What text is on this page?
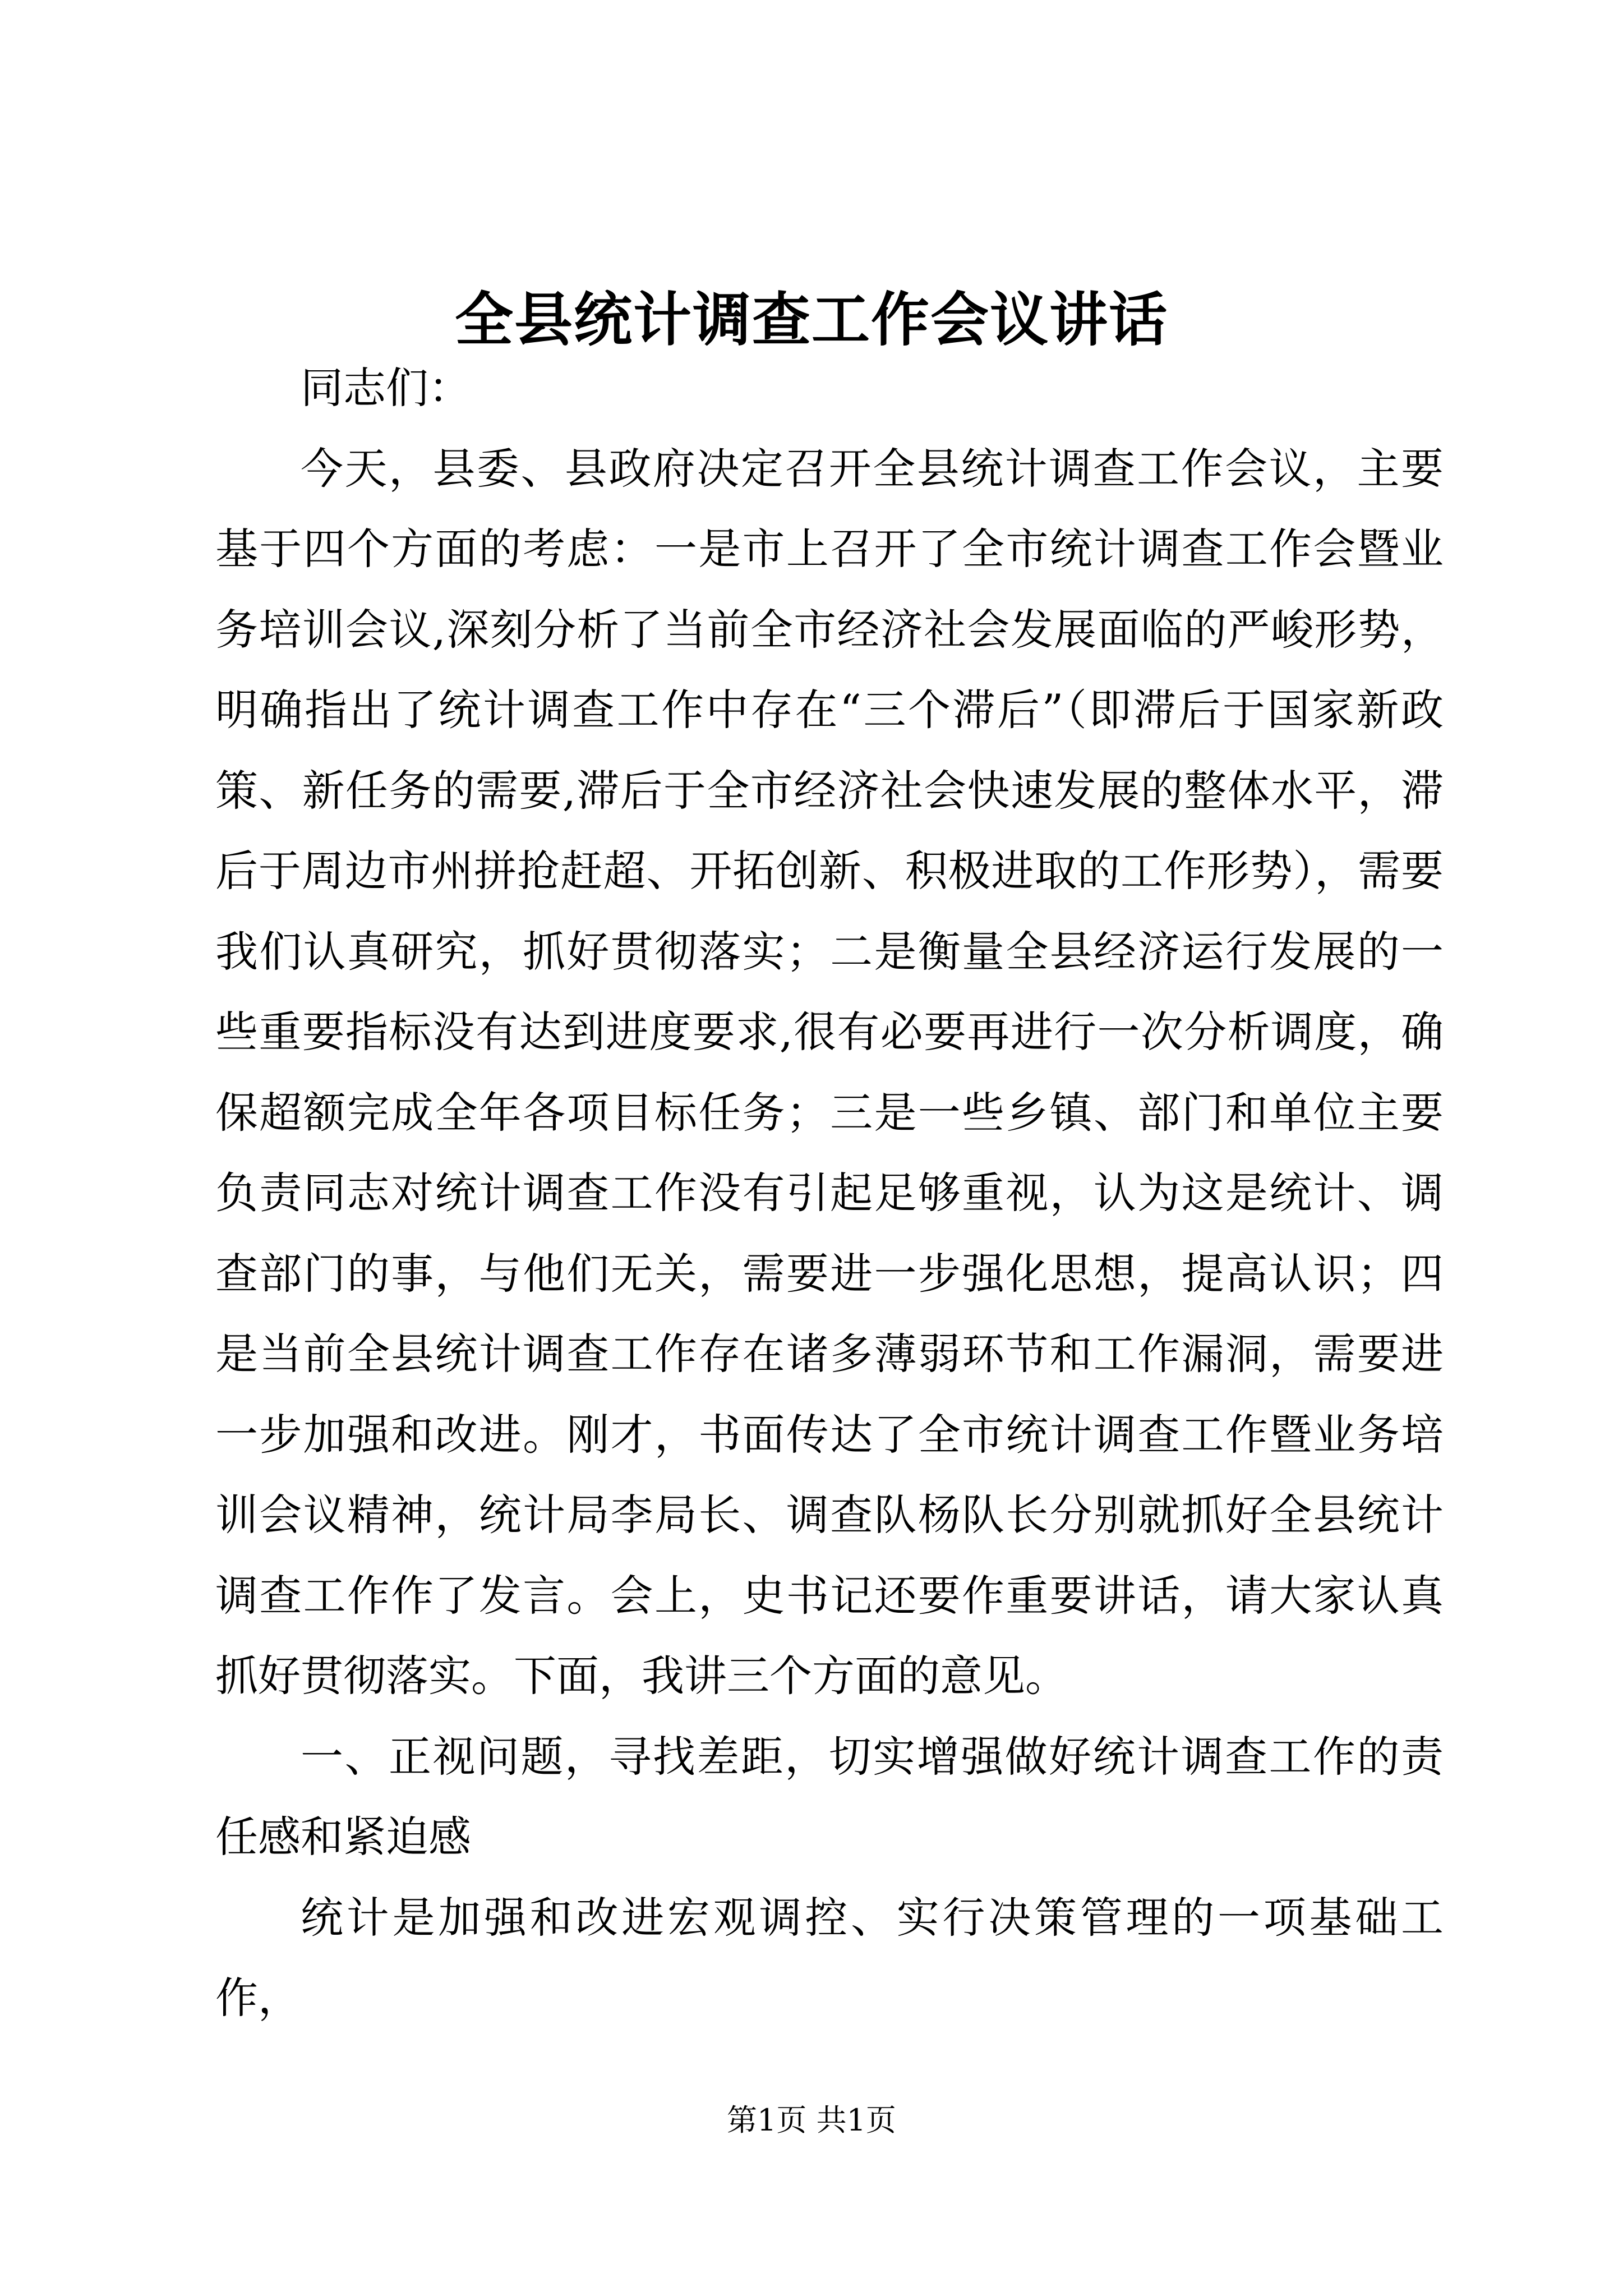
全县统计调查工作会议讲话

同志们：

今天，县委、县政府决定召开全县统计调查工作会议，主要基于四个方面的考虑：一是市上召开了全市统计调查工作会暨业务培训会议,深刻分析了当前全市经济社会发展面临的严峻形势，明确指出了统计调查工作中存在“三个滞后”（即滞后于国家新政策、新任务的需要,滞后于全市经济社会快速发展的整体水平，滞后于周边市州拼抢赶超、开拓创新、积极进取的工作形势），需要我们认真研究，抓好贯彻落实；二是衡量全县经济运行发展的一些重要指标没有达到进度要求,很有必要再进行一次分析调度，确保超额完成全年各项目标任务；三是一些乡镇、部门和单位主要负责同志对统计调查工作没有引起足够重视，认为这是统计、调查部门的事，与他们无关，需要进一步强化思想，提高认识；四是当前全县统计调查工作存在诸多薄弱环节和工作漏洞，需要进一步加强和改进。刚才，书面传达了全市统计调查工作暨业务培训会议精神，统计局李局长、调查队杨队长分别就抓好全县统计调查工作作了发言。会上，史书记还要作重要讲话，请大家认真抓好贯彻落实。下面，我讲三个方面的意见。

一、正视问题，寻找差距，切实增强做好统计调查工作的责任感和紧迫感

统计是加强和改进宏观调控、实行决策管理的一项基础工作，

第1页 共1页
